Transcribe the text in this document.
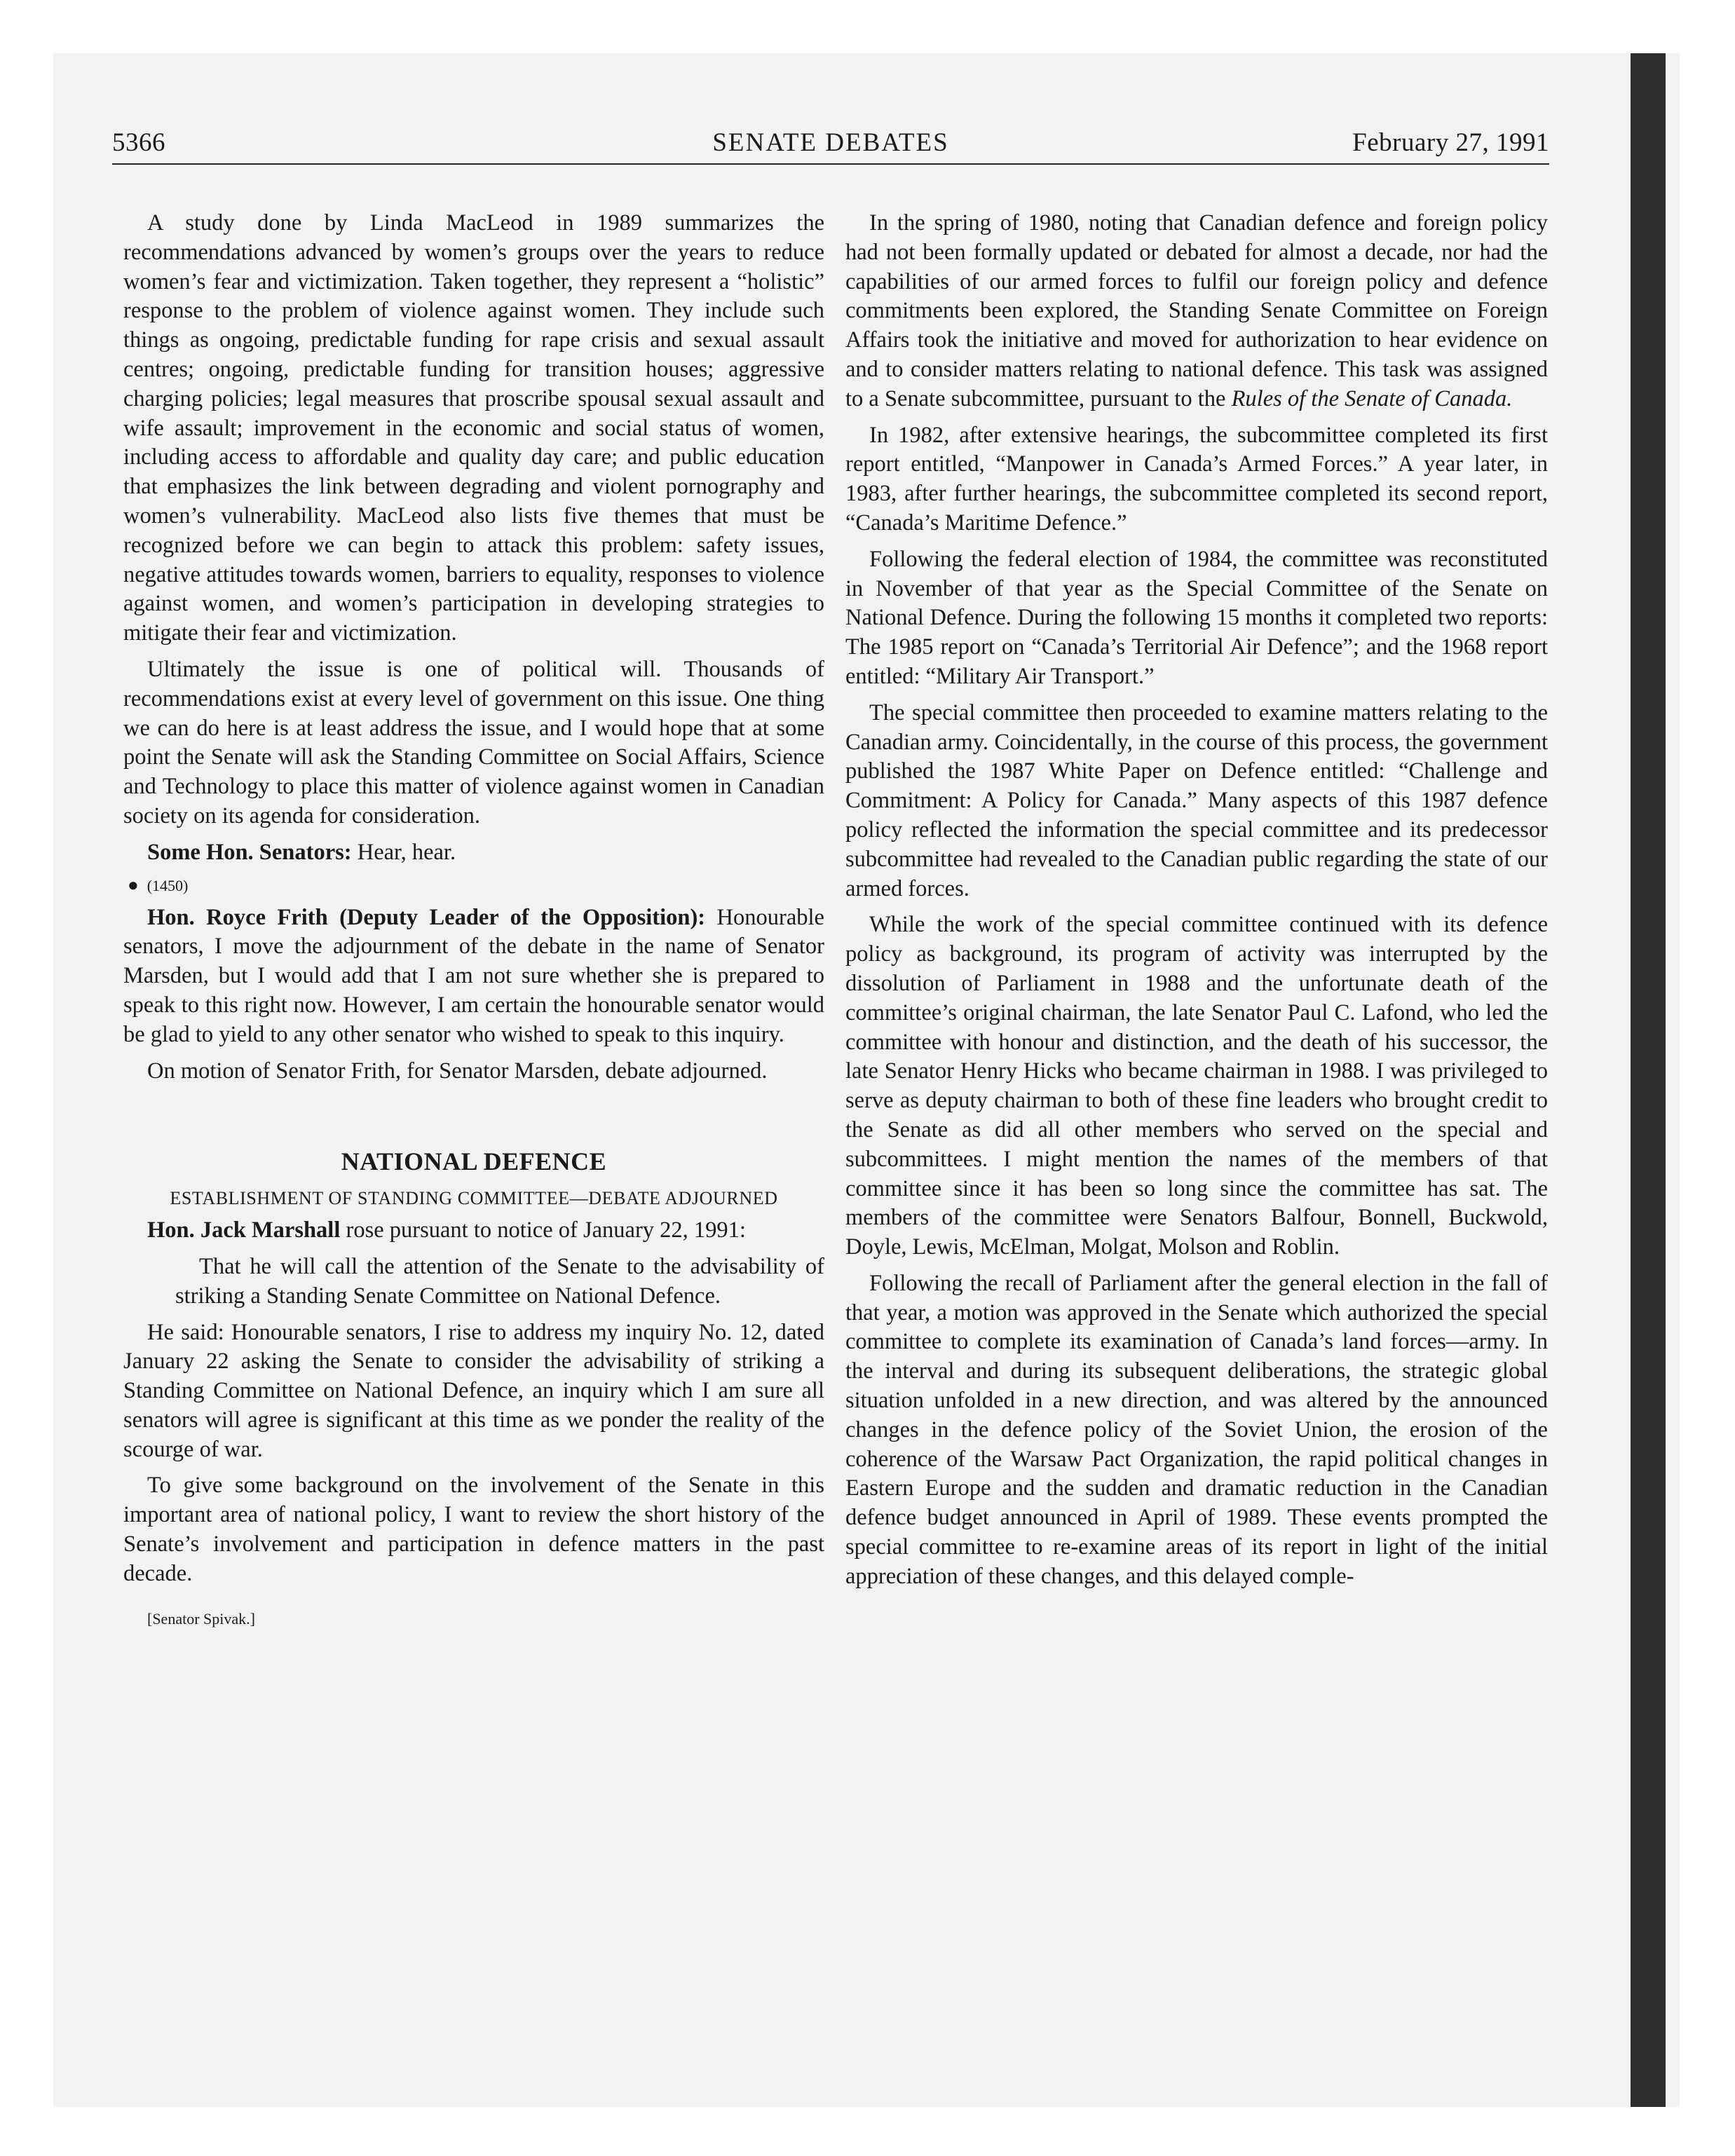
5366	SENATE DEBATES	February 27, 1991

A study done by Linda MacLeod in 1989 summarizes the recommendations advanced by women’s groups over the years to reduce women’s fear and victimization. Taken together, they represent a “holistic” response to the problem of violence against women. They include such things as ongoing, predictable funding for rape crisis and sexual assault centres; ongoing, predictable funding for transition houses; aggressive charging policies; legal measures that proscribe spousal sexual assault and wife assault; improvement in the economic and social status of women, including access to affordable and quality day care; and public education that emphasizes the link between degrading and violent pornography and women’s vulnerability. MacLeod also lists five themes that must be recognized before we can begin to attack this problem: safety issues, negative attitudes towards women, barriers to equality, responses to violence against women, and women’s participation in developing strategies to mitigate their fear and victimization.

Ultimately the issue is one of political will. Thousands of recommendations exist at every level of government on this issue. One thing we can do here is at least address the issue, and I would hope that at some point the Senate will ask the Standing Committee on Social Affairs, Science and Technology to place this matter of violence against women in Canadian society on its agenda for consideration.

Some Hon. Senators: Hear, hear.

● (1450)

Hon. Royce Frith (Deputy Leader of the Opposition): Honourable senators, I move the adjournment of the debate in the name of Senator Marsden, but I would add that I am not sure whether she is prepared to speak to this right now. However, I am certain the honourable senator would be glad to yield to any other senator who wished to speak to this inquiry.

On motion of Senator Frith, for Senator Marsden, debate adjourned.

NATIONAL DEFENCE
ESTABLISHMENT OF STANDING COMMITTEE—DEBATE ADJOURNED

Hon. Jack Marshall rose pursuant to notice of January 22, 1991:

That he will call the attention of the Senate to the advisability of striking a Standing Senate Committee on National Defence.

He said: Honourable senators, I rise to address my inquiry No. 12, dated January 22 asking the Senate to consider the advisability of striking a Standing Committee on National Defence, an inquiry which I am sure all senators will agree is significant at this time as we ponder the reality of the scourge of war.

To give some background on the involvement of the Senate in this important area of national policy, I want to review the short history of the Senate’s involvement and participation in defence matters in the past decade.

[Senator Spivak.]

In the spring of 1980, noting that Canadian defence and foreign policy had not been formally updated or debated for almost a decade, nor had the capabilities of our armed forces to fulfil our foreign policy and defence commitments been explored, the Standing Senate Committee on Foreign Affairs took the initiative and moved for authorization to hear evidence on and to consider matters relating to national defence. This task was assigned to a Senate subcommittee, pursuant to the Rules of the Senate of Canada.

In 1982, after extensive hearings, the subcommittee completed its first report entitled, “Manpower in Canada’s Armed Forces.” A year later, in 1983, after further hearings, the subcommittee completed its second report, “Canada’s Maritime Defence.”

Following the federal election of 1984, the committee was reconstituted in November of that year as the Special Committee of the Senate on National Defence. During the following 15 months it completed two reports: The 1985 report on “Canada’s Territorial Air Defence”; and the 1968 report entitled: “Military Air Transport.”

The special committee then proceeded to examine matters relating to the Canadian army. Coincidentally, in the course of this process, the government published the 1987 White Paper on Defence entitled: “Challenge and Commitment: A Policy for Canada.” Many aspects of this 1987 defence policy reflected the information the special committee and its predecessor subcommittee had revealed to the Canadian public regarding the state of our armed forces.

While the work of the special committee continued with its defence policy as background, its program of activity was interrupted by the dissolution of Parliament in 1988 and the unfortunate death of the committee’s original chairman, the late Senator Paul C. Lafond, who led the committee with honour and distinction, and the death of his successor, the late Senator Henry Hicks who became chairman in 1988. I was privileged to serve as deputy chairman to both of these fine leaders who brought credit to the Senate as did all other members who served on the special and subcommittees. I might mention the names of the members of that committee since it has been so long since the committee has sat. The members of the committee were Senators Balfour, Bonnell, Buckwold, Doyle, Lewis, McElman, Molgat, Molson and Roblin.

Following the recall of Parliament after the general election in the fall of that year, a motion was approved in the Senate which authorized the special committee to complete its examination of Canada’s land forces—army. In the interval and during its subsequent deliberations, the strategic global situation unfolded in a new direction, and was altered by the announced changes in the defence policy of the Soviet Union, the erosion of the coherence of the Warsaw Pact Organization, the rapid political changes in Eastern Europe and the sudden and dramatic reduction in the Canadian defence budget announced in April of 1989. These events prompted the special committee to re-examine areas of its report in light of the initial appreciation of these changes, and this delayed comple-
